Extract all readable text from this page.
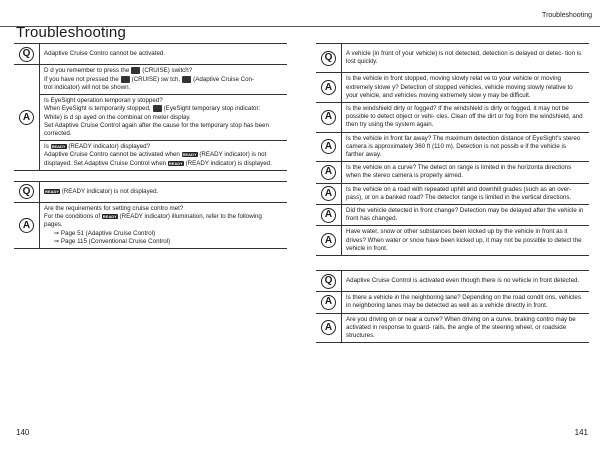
Troubleshooting
Troubleshooting
Q	Adaptive Cruise Contro cannot be activated.
A
D d you remember to press the (CRUISE) switch?
If you have not pressed the (CRUISE) sw tch, (Adaptive Cruise Con-
trol indicator) will not be shown.
Is EyeSight operation temporari y stopped?
When EyeSight is temporarily stopped, (EyeSight temporary stop indicator:
White) is d sp ayed on the combinat on meter display.
Set Adaptive Cruise Control again after the cause for the temporary stop has been corrected.
Is READY (READY indicator) displayed?
Adaptive Cruise Contro cannot be activated when READY (READY indicator) is not
displayed. Set Adaptive Cruise Control when READY (READY indicator) is displayed.
Q	READY (READY indicator) is not displayed.
A
Are the requirements for setting cruise contro met?
For the conditions of READY (READY indicator) illumination, refer to the following
pages.
⇒ Page 51 (Adaptive Cruise Control)
⇒ Page 115 (Conventional Cruise Control)
Q	A vehicle (in front of your vehicle) is not detected, detection is delayed or detec- tion is lost quickly.
A
Is the vehicle in front stopped, moving slowly relat ve to your vehicle or moving extremely slowe y? Detection of stopped vehicles, vehicle moving slowly relative to your vehicle, and vehicles moving extremely slow y may be difficult.
A
Is the windshield dirty or fogged? If the windshield is dirty or fogged, it may not be possible to detect object or vehi- cles. Clean off the dirt or fog from the windshield, and then try using the system again.
A
Is the vehicle in front far away? The maximum detection distance of EyeSight's stereo camera is approximately 360 ft (110 m). Detection is not possib e if the vehicle is farther away.
A	Is the vehicle on a curve? The detect on range is limited in the horizonta directions when the stereo camera is properly aimed.
A	Is the vehicle on a road with repeated uphill and downhill grades (such as an over- pass), or on a banked road? The detector range is limited in the vertical directions.
A	Did the vehicle detected in front change? Detection may be delayed after the vehicle in front has changed.
A
Have water, snow or other substances been kicked up by the vehicle in front as it drives? When water or snow have been kicked up, it may not be possible to detect the vehicle in front.
Q	Adaptive Cruise Control is activated even though there is no vehicle in front detected.
A	Is there a vehicle in the neighboring lane? Depending on the road condit ons, vehicles in neighboring lanes may be detected as well as a vehicle directly in front.
A
Are you driving on or near a curve? When driving on a curve, braking contro may be activated in response to guard- rails, the angle of the steering wheel, or roadside structures.
140	141
